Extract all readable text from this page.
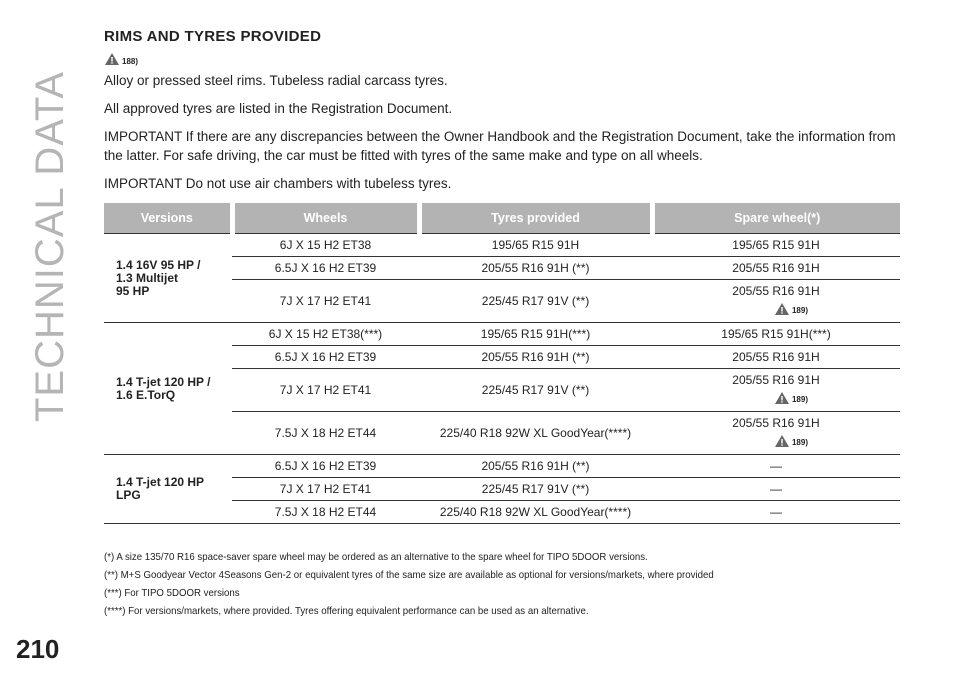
TECHNICAL DATA
RIMS AND TYRES PROVIDED
188)

Alloy or pressed steel rims. Tubeless radial carcass tyres.

All approved tyres are listed in the Registration Document.

IMPORTANT If there are any discrepancies between the Owner Handbook and the Registration Document, take the information from the latter. For safe driving, the car must be fitted with tyres of the same make and type on all wheels.

IMPORTANT Do not use air chambers with tubeless tyres.

Versions	Wheels	Tyres provided	Spare wheel(*)

1.4 16V 95 HP /
1.3 Multijet
95 HP	6J X 15 H2 ET38	195/65 R15 91H	195/65 R15 91H

	6.5J X 16 H2 ET39	205/55 R16 91H (**)	205/55 R16 91H

	7J X 17 H2 ET41	225/45 R17 91V (**)	205/55 R16 91H
189)

1.4 T-jet 120 HP /
1.6 E.TorQ	6J X 15 H2 ET38(***)	195/65 R15 91H(***)	195/65 R15 91H(***)

	6.5J X 16 H2 ET39	205/55 R16 91H (**)	205/55 R16 91H

	7J X 17 H2 ET41	225/45 R17 91V (**)	205/55 R16 91H
189)

	7.5J X 18 H2 ET44	225/40 R18 92W XL GoodYear(****)	205/55 R16 91H
189)

1.4 T-jet 120 HP
LPG	6.5J X 16 H2 ET39	205/55 R16 91H (**)	—

	7J X 17 H2 ET41	225/45 R17 91V (**)	—

	7.5J X 18 H2 ET44	225/40 R18 92W XL GoodYear(****)	—

(*) A size 135/70 R16 space-saver spare wheel may be ordered as an alternative to the spare wheel for TIPO 5DOOR versions.
(**) M+S Goodyear Vector 4Seasons Gen-2 or equivalent tyres of the same size are available as optional for versions/markets, where provided
(***) For TIPO 5DOOR versions
(****) For versions/markets, where provided. Tyres offering equivalent performance can be used as an alternative.
210
